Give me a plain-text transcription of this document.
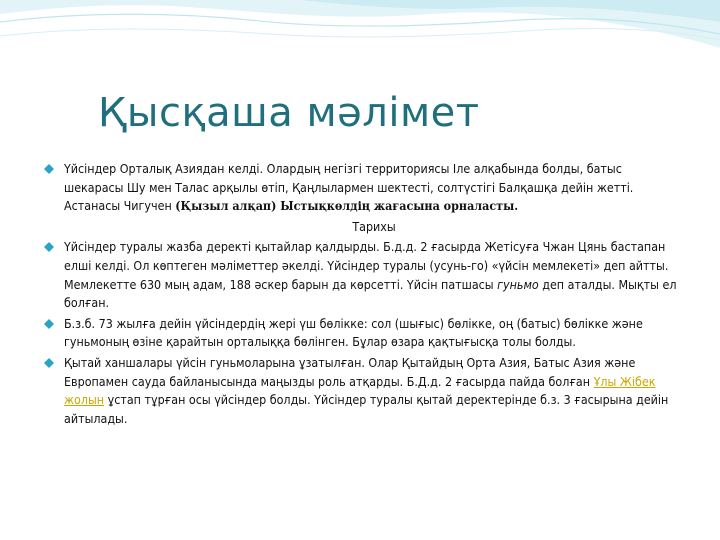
Қысқаша мәлімет

Үйсіндер Орталық Азиядан келді. Олардың негізгі территориясы Іле алқабында болды, батыс шекарасы Шу мен Талас арқылы өтіп, Қаңлылармен шектесті, солтүстігі Балқашқа дейін жетті. Астанасы Чигучен (Қызыл алқап) Ыстықкөлдің жағасына орналасты.

Тарихы

Үйсіндер туралы жазба деректі қытайлар қалдырды. Б.д.д. 2 ғасырда Жетісуға Чжан Цянь бастапан елші келді. Ол көптеген мәліметтер әкелді. Үйсіндер туралы (усунь-го) «үйсін мемлекеті» деп айтты. Мемлекетте 630 мың адам, 188 әскер барын да көрсетті. Үйсін патшасы гуньмо деп аталды. Мықты ел болған.

Б.з.б. 73 жылға дейін үйсіндердің жері үш бөлікке: сол (шығыс) бөлікке, оң (батыс) бөлікке және гуньмоның өзіне қарайтын орталыққа бөлінген. Бұлар өзара қақтығысқа толы болды.

Қытай ханшалары үйсін гуньмоларына ұзатылған. Олар Қытайдың Орта Азия, Батыс Азия және Европамен сауда байланысында маңызды роль атқарды. Б.Д.д. 2 ғасырда пайда болған Ұлы Жібек жолын ұстап тұрған осы үйсіндер болды. Үйсіндер туралы қытай деректерінде б.з. 3 ғасырына дейін айтылады.
